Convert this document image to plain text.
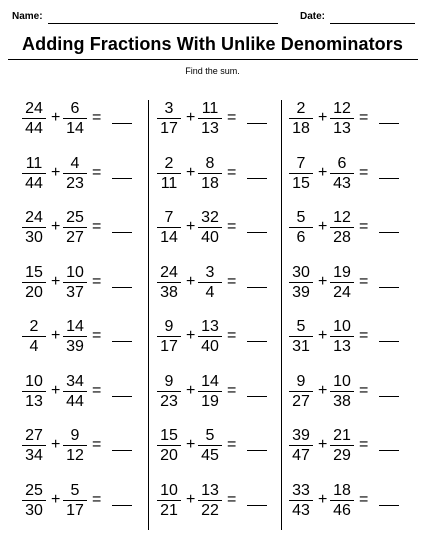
Name:	Date:
Adding Fractions With Unlike Denominators
Find the sum.
24
44
+
6
14
=
11
44
+
4
23
=
24
30
+
25
27
=
15
20
+
10
37
=
2
4
+
14
39
=
10
13
+
34
44
=
27
34
+
9
12
=
25
30
+
5
17
=
3
17
+
11
13
=
2
11
+
8
18
=
7
14
+
32
40
=
24
38
+
3
4
=
9
17
+
13
40
=
9
23
+
14
19
=
15
20
+
5
45
=
10
21
+
13
22
=
2
18
+
12
13
=
7
15
+
6
43
=
5
6
+
12
28
=
30
39
+
19
24
=
5
31
+
10
13
=
9
27
+
10
38
=
39
47
+
21
29
=
33
43
+
18
46
=
